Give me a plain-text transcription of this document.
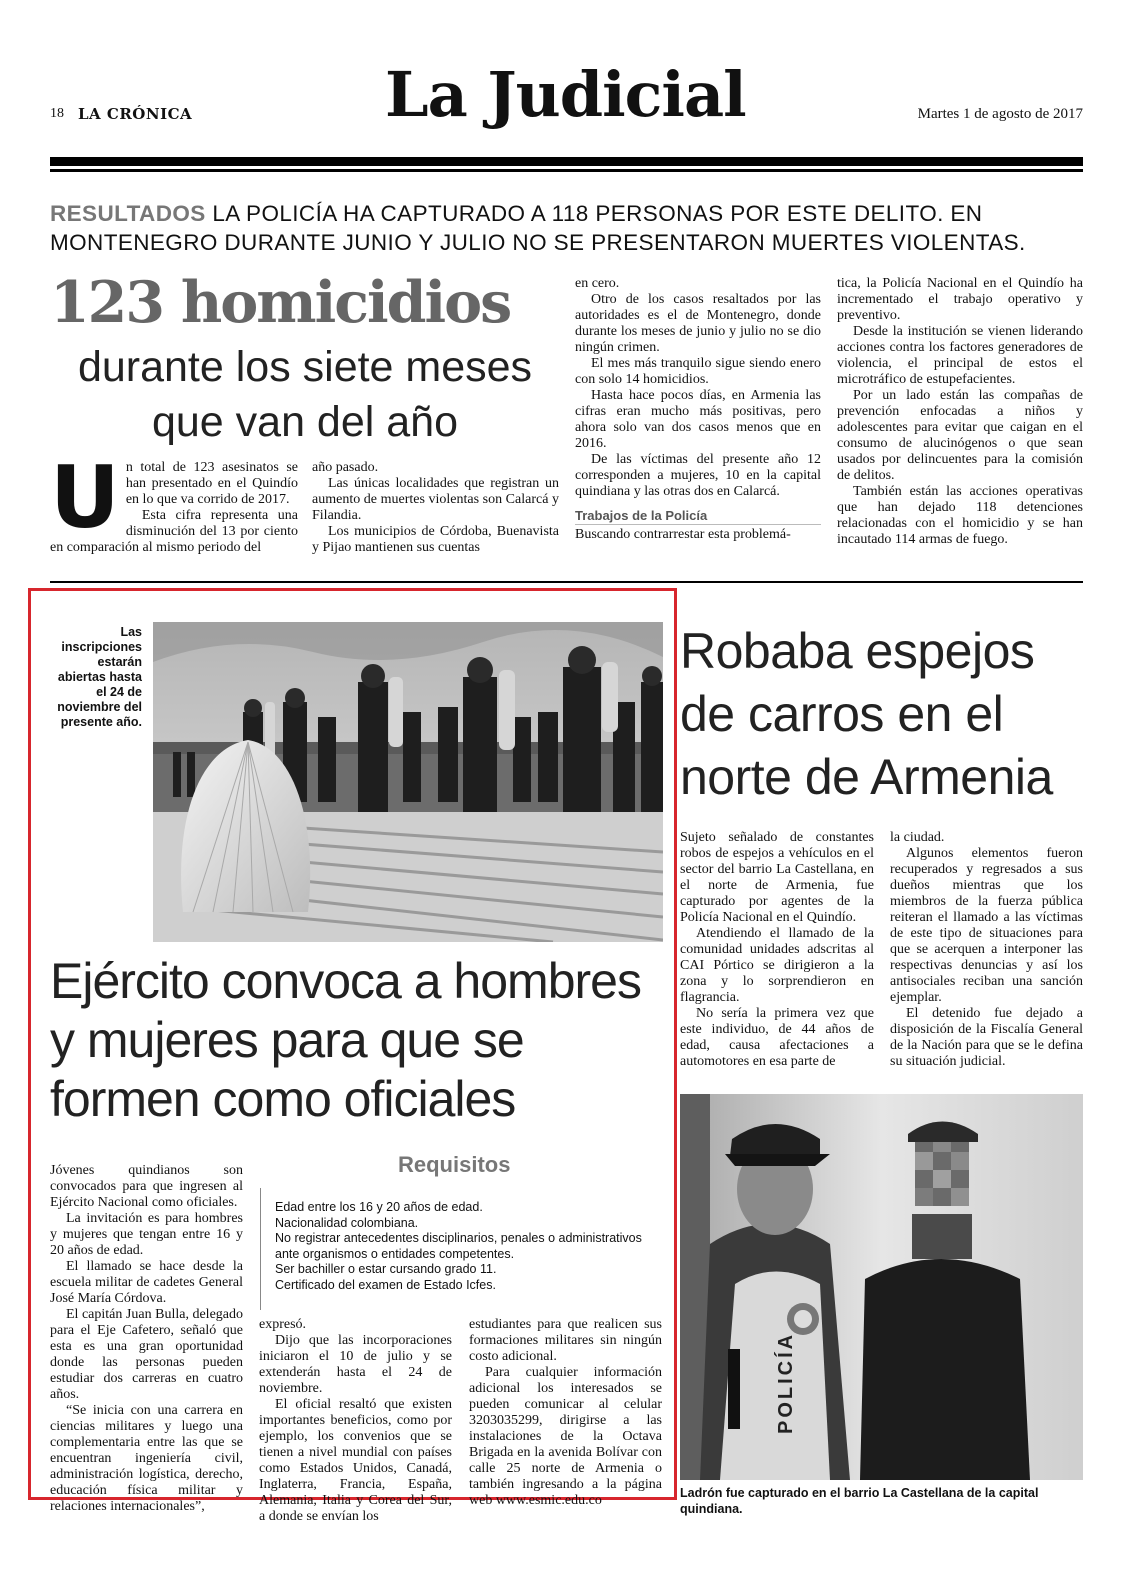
18 LA CRÓNICA	La Judicial	Martes 1 de agosto de 2017
RESULTADOS LA POLICÍA HA CAPTURADO A 118 PERSONAS POR ESTE DELITO. EN MONTENEGRO DURANTE JUNIO Y JULIO NO SE PRESENTARON MUERTES VIOLENTAS.
123 homicidios
durante los siete meses que van del año
U n total de 123 asesinatos se han presentado en el Quindío en lo que va corrido de 2017.

Esta cifra representa una disminución del 13 por ciento en comparación al mismo periodo del

año pasado.

Las únicas localidades que registran un aumento de muertes violentas son Calarcá y Filandia.

Los municipios de Córdoba, Buenavista y Pijao mantienen sus cuentas

en cero.

Otro de los casos resaltados por las autoridades es el de Montenegro, donde durante los meses de junio y julio no se dio ningún crimen.

El mes más tranquilo sigue siendo enero con solo 14 homicidios.

Hasta hace pocos días, en Armenia las cifras eran mucho más positivas, pero ahora solo van dos casos menos que en 2016.

De las víctimas del presente año 12 corresponden a mujeres, 10 en la capital quindiana y las otras dos en Calarcá.

Trabajos de la Policía

Buscando contrarrestar esta problemá-

tica, la Policía Nacional en el Quindío ha incrementado el trabajo operativo y preventivo.

Desde la institución se vienen liderando acciones contra los factores generadores de violencia, el principal de estos el microtráfico de estupefacientes.

Por un lado están las compañas de prevención enfocadas a niños y adolescentes para evitar que caigan en el consumo de alucinógenos o que sean usados por delincuentes para la comisión de delitos.

También están las acciones operativas que han dejado 118 detenciones relacionadas con el homicidio y se han incautado 114 armas de fuego.

Las inscripciones estarán abiertas hasta el 24 de noviembre del presente año.
Ejército convoca a hombres y mujeres para que se formen como oficiales
Requisitos
Edad entre los 16 y 20 años de edad.
Nacionalidad colombiana.
No registrar antecedentes disciplinarios, penales o administrativos ante organismos o entidades competentes.
Ser bachiller o estar cursando grado 11.
Certificado del examen de Estado Icfes.

Jóvenes quindianos son convocados para que ingresen al Ejército Nacional como oficiales.

La invitación es para hombres y mujeres que tengan entre 16 y 20 años de edad.

El llamado se hace desde la escuela militar de cadetes General José María Córdova.

El capitán Juan Bulla, delegado para el Eje Cafetero, señaló que esta es una gran oportunidad donde las personas pueden estudiar dos carreras en cuatro años.

“Se inicia con una carrera en ciencias militares y luego una complementaria entre las que se encuentran ingeniería civil, administración logística, derecho, educación física militar y relaciones internacionales”,

expresó.

Dijo que las incorporaciones iniciaron el 10 de julio y se extenderán hasta el 24 de noviembre.

El oficial resaltó que existen importantes beneficios, como por ejemplo, los convenios que se tienen a nivel mundial con países como Estados Unidos, Canadá, Inglaterra, Francia, España, Alemania, Italia y Corea del Sur, a donde se envían los

estudiantes para que realicen sus formaciones militares sin ningún costo adicional.

Para cualquier información adicional los interesados se pueden comunicar al celular 3203035299, dirigirse a las instalaciones de la Octava Brigada en la avenida Bolívar con calle 25 norte de Armenia o también ingresando a la página web www.esmic.edu.co

Robaba espejos de carros en el norte de Armenia

Sujeto señalado de constantes robos de espejos a vehículos en el sector del barrio La Castellana, en el norte de Armenia, fue capturado por agentes de la Policía Nacional en el Quindío.

Atendiendo el llamado de la comunidad unidades adscritas al CAI Pórtico se dirigieron a la zona y lo sorprendieron en flagrancia.

No sería la primera vez que este individuo, de 44 años de edad, causa afectaciones a automotores en esa parte de

la ciudad.

Algunos elementos fueron recuperados y regresados a sus dueños mientras que los miembros de la fuerza pública reiteran el llamado a las víctimas de este tipo de situaciones para que se acerquen a interponer las respectivas denuncias y así los antisociales reciban una sanción ejemplar.

El detenido fue dejado a disposición de la Fiscalía General de la Nación para que se le defina su situación judicial.

POLICÍA
Ladrón fue capturado en el barrio La Castellana de la capital quindiana.
